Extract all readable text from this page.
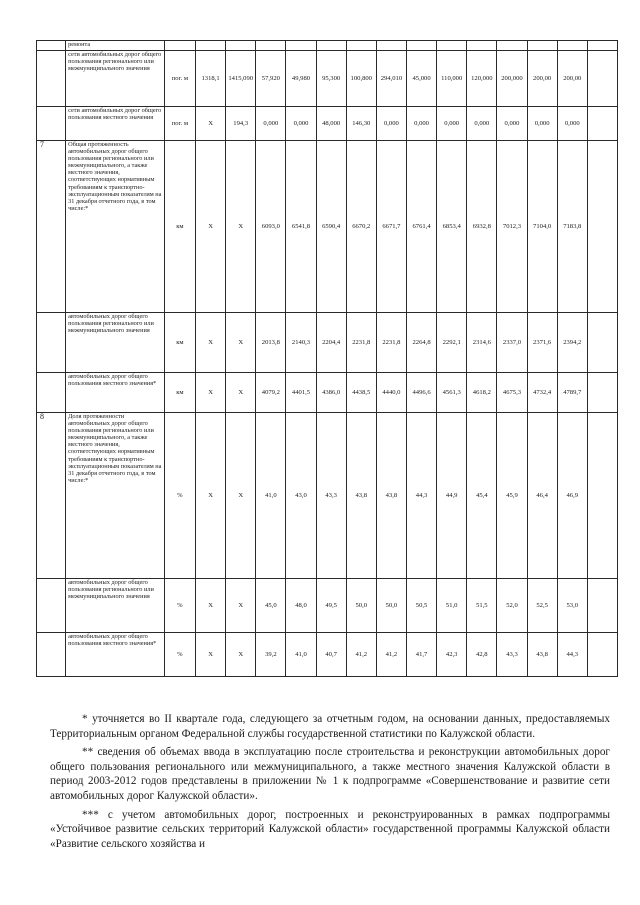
	ремонта															
	сети автомобильных дорог общего пользования регионального или межмуниципального значения	пог. м	1318,1	1415,090	57,920	49,980	95,300	100,800	294,010	45,000	110,000	120,000	200,000	200,00	200,00	
	сети автомобильных дорог общего пользования местного значения	пог. м	Х	194,3	0,000	0,000	48,000	146,30	0,000	0,000	0,000	0,000	0,000	0,000	0,000	
7	Общая протяженность автомобильных дорог общего пользования регионального или межмуниципального, а также местного значения, соответствующих нормативным требованиям к транспортно-эксплуатационным показателям на 31 декабря отчетного года, в том числе:*	км	Х	Х	6093,0	6541,8	6590,4	6670,2	6671,7	6761,4	6853,4	6932,8	7012,3	7104,0	7183,8	
	автомобильных дорог общего пользования регионального или межмуниципального значения	км	Х	Х	2013,8	2140,3	2204,4	2231,8	2231,8	2264,8	2292,1	2314,6	2337,0	2371,6	2394,2	
	автомобильных дорог общего пользования местного значения*	км	Х	Х	4079,2	4401,5	4386,0	4438,5	4440,0	4496,6	4561,3	4618,2	4675,3	4732,4	4789,7	
8	Доля протяженности автомобильных дорог общего пользования регионального или межмуниципального, а также местного значения, соответствующих нормативным требованиям к транспортно-эксплуатационным показателям на 31 декабря отчетного года, в том числе:*	%	Х	Х	41,0	43,0	43,3	43,8	43,8	44,3	44,9	45,4	45,9	46,4	46,9	
	автомобильных дорог общего пользования регионального или межмуниципального значения	%	Х	Х	45,0	48,0	49,5	50,0	50,0	50,5	51,0	51,5	52,0	52,5	53,0	
	автомобильных дорог общего пользования местного значения*	%	Х	Х	39,2	41,0	40,7	41,2	41,2	41,7	42,3	42,8	43,3	43,8	44,3	

* уточняется во II квартале года, следующего за отчетным годом, на основании данных, предоставляемых Территориальным органом Федеральной службы государственной статистики по Калужской области.

** сведения об объемах ввода в эксплуатацию после строительства и реконструкции автомобильных дорог общего пользования регионального или межмуниципального, а также местного значения Калужской области в период 2003-2012 годов представлены в приложении № 1 к подпрограмме «Совершенствование и развитие сети автомобильных дорог Калужской области».

*** с учетом автомобильных дорог, построенных и реконструированных в рамках подпрограммы «Устойчивое развитие сельских территорий Калужской области» государственной программы Калужской области «Развитие сельского хозяйства и
